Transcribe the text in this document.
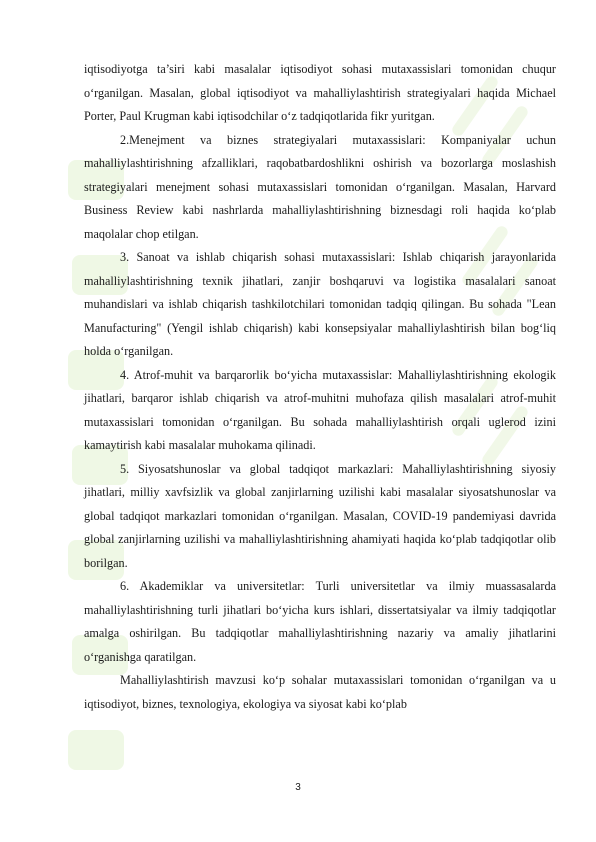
iqtisodiyotga ta’siri kabi masalalar iqtisodiyot sohasi mutaxassislari tomonidan chuqur o‘rganilgan. Masalan, global iqtisodiyot va mahalliylashtirish strategiyalari haqida Michael Porter, Paul Krugman kabi iqtisodchilar o‘z tadqiqotlarida fikr yuritgan.

2.Menejment va biznes strategiyalari mutaxassislari: Kompaniyalar uchun mahalliylashtirishning afzalliklari, raqobatbardoshlikni oshirish va bozorlarga moslashish strategiyalari menejment sohasi mutaxassislari tomonidan o‘rganilgan. Masalan, Harvard Business Review kabi nashrlarda mahalliylashtirishning biznesdagi roli haqida ko‘plab maqolalar chop etilgan.

3. Sanoat va ishlab chiqarish sohasi mutaxassislari: Ishlab chiqarish jarayonlarida mahalliylashtirishning texnik jihatlari, zanjir boshqaruvi va logistika masalalari sanoat muhandislari va ishlab chiqarish tashkilotchilari tomonidan tadqiq qilingan. Bu sohada "Lean Manufacturing" (Yengil ishlab chiqarish) kabi konsepsiyalar mahalliylashtirish bilan bog‘liq holda o‘rganilgan.

4. Atrof-muhit va barqarorlik bo‘yicha mutaxassislar: Mahalliylashtirishning ekologik jihatlari, barqaror ishlab chiqarish va atrof-muhitni muhofaza qilish masalalari atrof-muhit mutaxassislari tomonidan o‘rganilgan. Bu sohada mahalliylashtirish orqali uglerod izini kamaytirish kabi masalalar muhokama qilinadi.

5. Siyosatshunoslar va global tadqiqot markazlari: Mahalliylashtirishning siyosiy jihatlari, milliy xavfsizlik va global zanjirlarning uzilishi kabi masalalar siyosatshunoslar va global tadqiqot markazlari tomonidan o‘rganilgan. Masalan, COVID-19 pandemiyasi davrida global zanjirlarning uzilishi va mahalliylashtirishning ahamiyati haqida ko‘plab tadqiqotlar olib borilgan.

6. Akademiklar va universitetlar: Turli universitetlar va ilmiy muassasalarda mahalliylashtirishning turli jihatlari bo‘yicha kurs ishlari, dissertatsiyalar va ilmiy tadqiqotlar amalga oshirilgan. Bu tadqiqotlar mahalliylashtirishning nazariy va amaliy jihatlarini o‘rganishga qaratilgan.

Mahalliylashtirish mavzusi ko‘p sohalar mutaxassislari tomonidan o‘rganilgan va u iqtisodiyot, biznes, texnologiya, ekologiya va siyosat kabi ko‘plab

3
